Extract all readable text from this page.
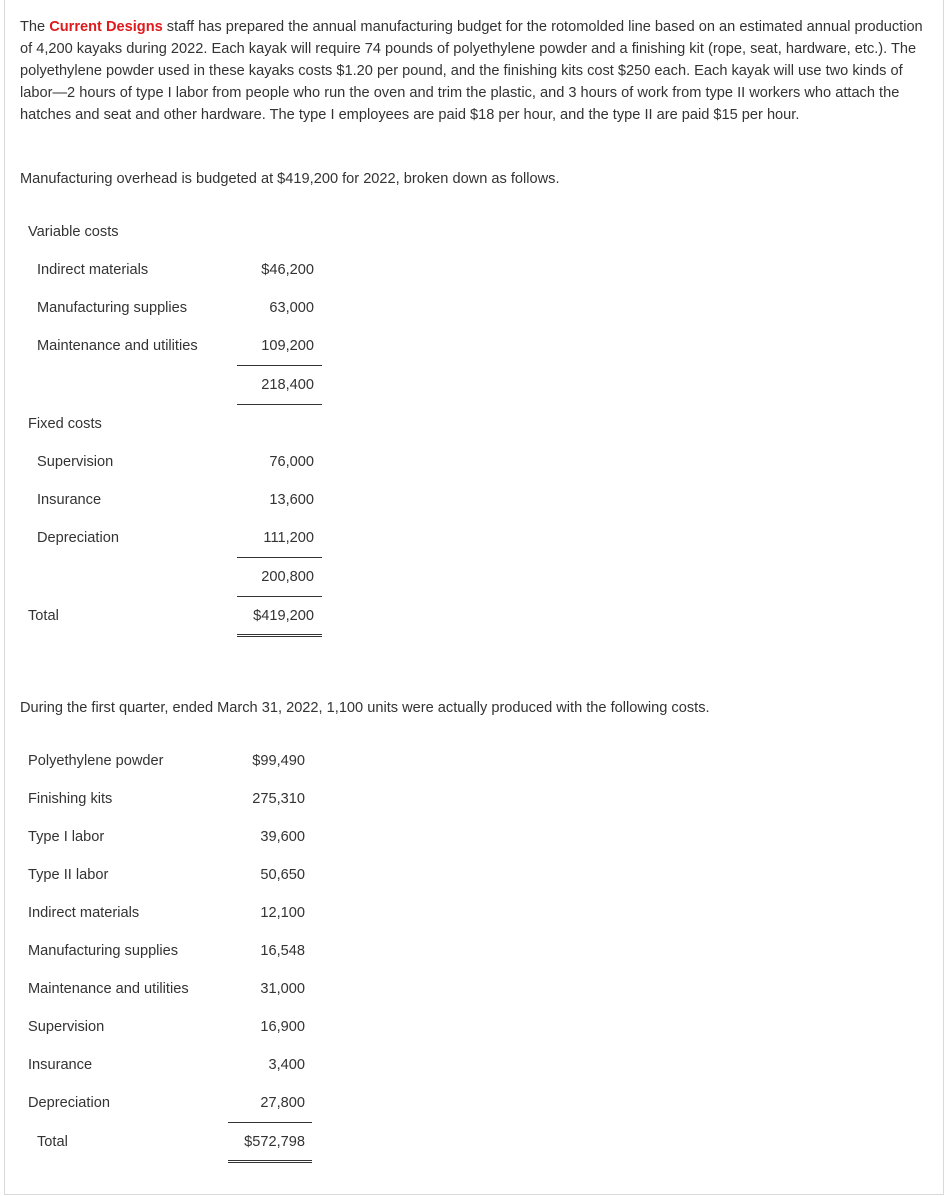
The Current Designs staff has prepared the annual manufacturing budget for the rotomolded line based on an estimated annual production of 4,200 kayaks during 2022. Each kayak will require 74 pounds of polyethylene powder and a finishing kit (rope, seat, hardware, etc.). The polyethylene powder used in these kayaks costs $1.20 per pound, and the finishing kits cost $250 each. Each kayak will use two kinds of labor—2 hours of type I labor from people who run the oven and trim the plastic, and 3 hours of work from type II workers who attach the hatches and seat and other hardware. The type I employees are paid $18 per hour, and the type II are paid $15 per hour.

Manufacturing overhead is budgeted at $419,200 for 2022, broken down as follows.

Variable costs
Indirect materials	$46,200
Manufacturing supplies	63,000
Maintenance and utilities	109,200
218,400
Fixed costs
Supervision	76,000
Insurance	13,600
Depreciation	111,200
200,800
Total	$419,200

During the first quarter, ended March 31, 2022, 1,100 units were actually produced with the following costs.

Polyethylene powder	$99,490
Finishing kits	275,310
Type I labor	39,600
Type II labor	50,650
Indirect materials	12,100
Manufacturing supplies	16,548
Maintenance and utilities	31,000
Supervision	16,900
Insurance	3,400
Depreciation	27,800
Total	$572,798
